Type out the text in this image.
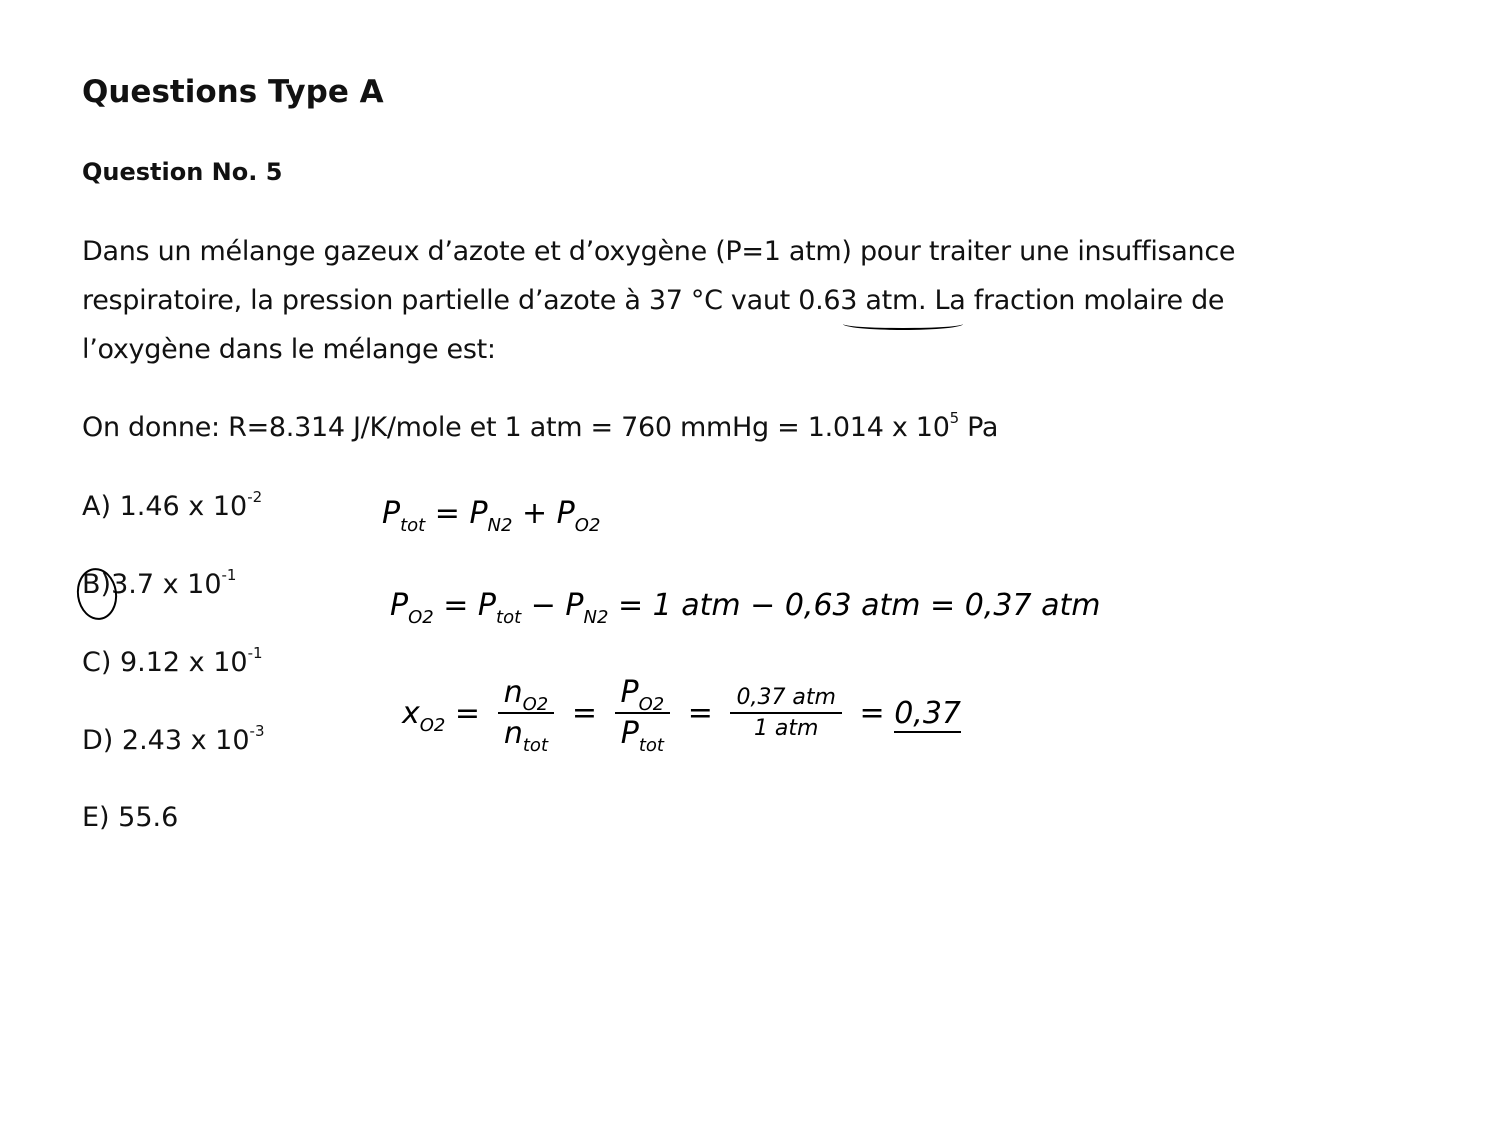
Questions Type A
Question No. 5
Dans un mélange gazeux d’azote et d’oxygène (P=1 atm) pour traiter une insuffisance
respiratoire, la pression partielle d’azote à 37 °C vaut 0.63 atm. La fraction molaire de
l’oxygène dans le mélange est:
On donne: R=8.314 J/K/mole et 1 atm = 760 mmHg = 1.014 x $10^5$ Pa
A) 1.46 x $10^{-2}$
B)3.7 x $10^{-1}$
C) 9.12 x $10^{-1}$
D) 2.43 x $10^{-3}$
E) 55.6
$P_{tot} = P_{N2} + P_{O2}$
$P_{O2} = P_{tot} - P_{N2} = 1$ atm − 0,63 atm = 0,37 atm
$x_{O2} = \frac{n_{O2}}{n_{tot}} = \frac{P_{O2}}{P_{tot}} = \frac{\text{0,37 atm}}{\text{1 atm}} = 0,37$
